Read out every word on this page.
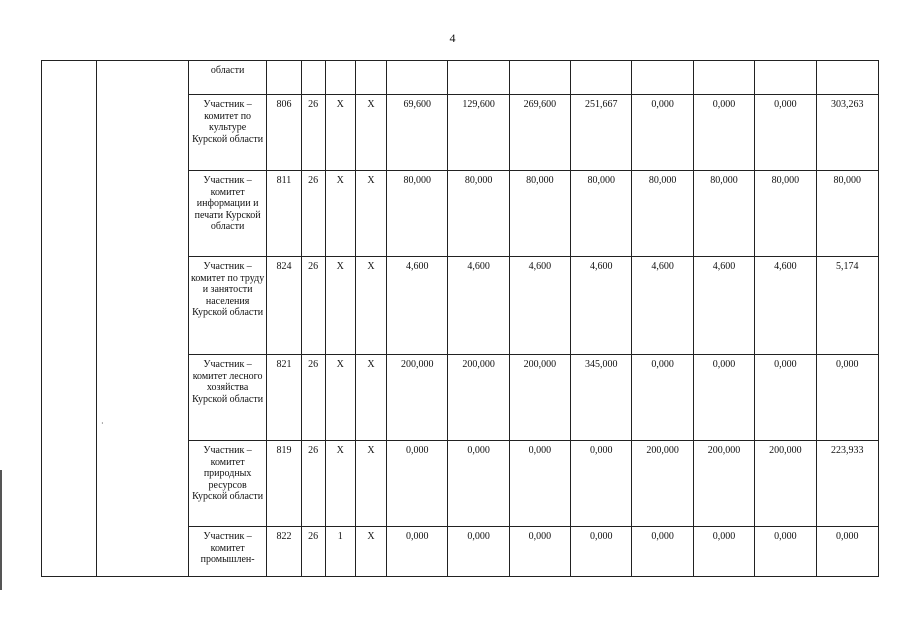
4
		области												
		Участник – комитет по культуре Курской области	806	26	X	X	69,600	129,600	269,600	251,667	0,000	0,000	0,000	303,263
		Участник – комитет информации и печати Курской области	811	26	X	X	80,000	80,000	80,000	80,000	80,000	80,000	80,000	80,000
		Участник – комитет по труду и занятости населения Курской области	824	26	X	X	4,600	4,600	4,600	4,600	4,600	4,600	4,600	5,174
		Участник – комитет лесного хозяйства Курской области	821	26	X	X	200,000	200,000	200,000	345,000	0,000	0,000	0,000	0,000
		Участник – комитет природных ресурсов Курской области	819	26	X	X	0,000	0,000	0,000	0,000	200,000	200,000	200,000	223,933
		Участник – комитет промышлен-	822	26	1	X	0,000	0,000	0,000	0,000	0,000	0,000	0,000	0,000
·
